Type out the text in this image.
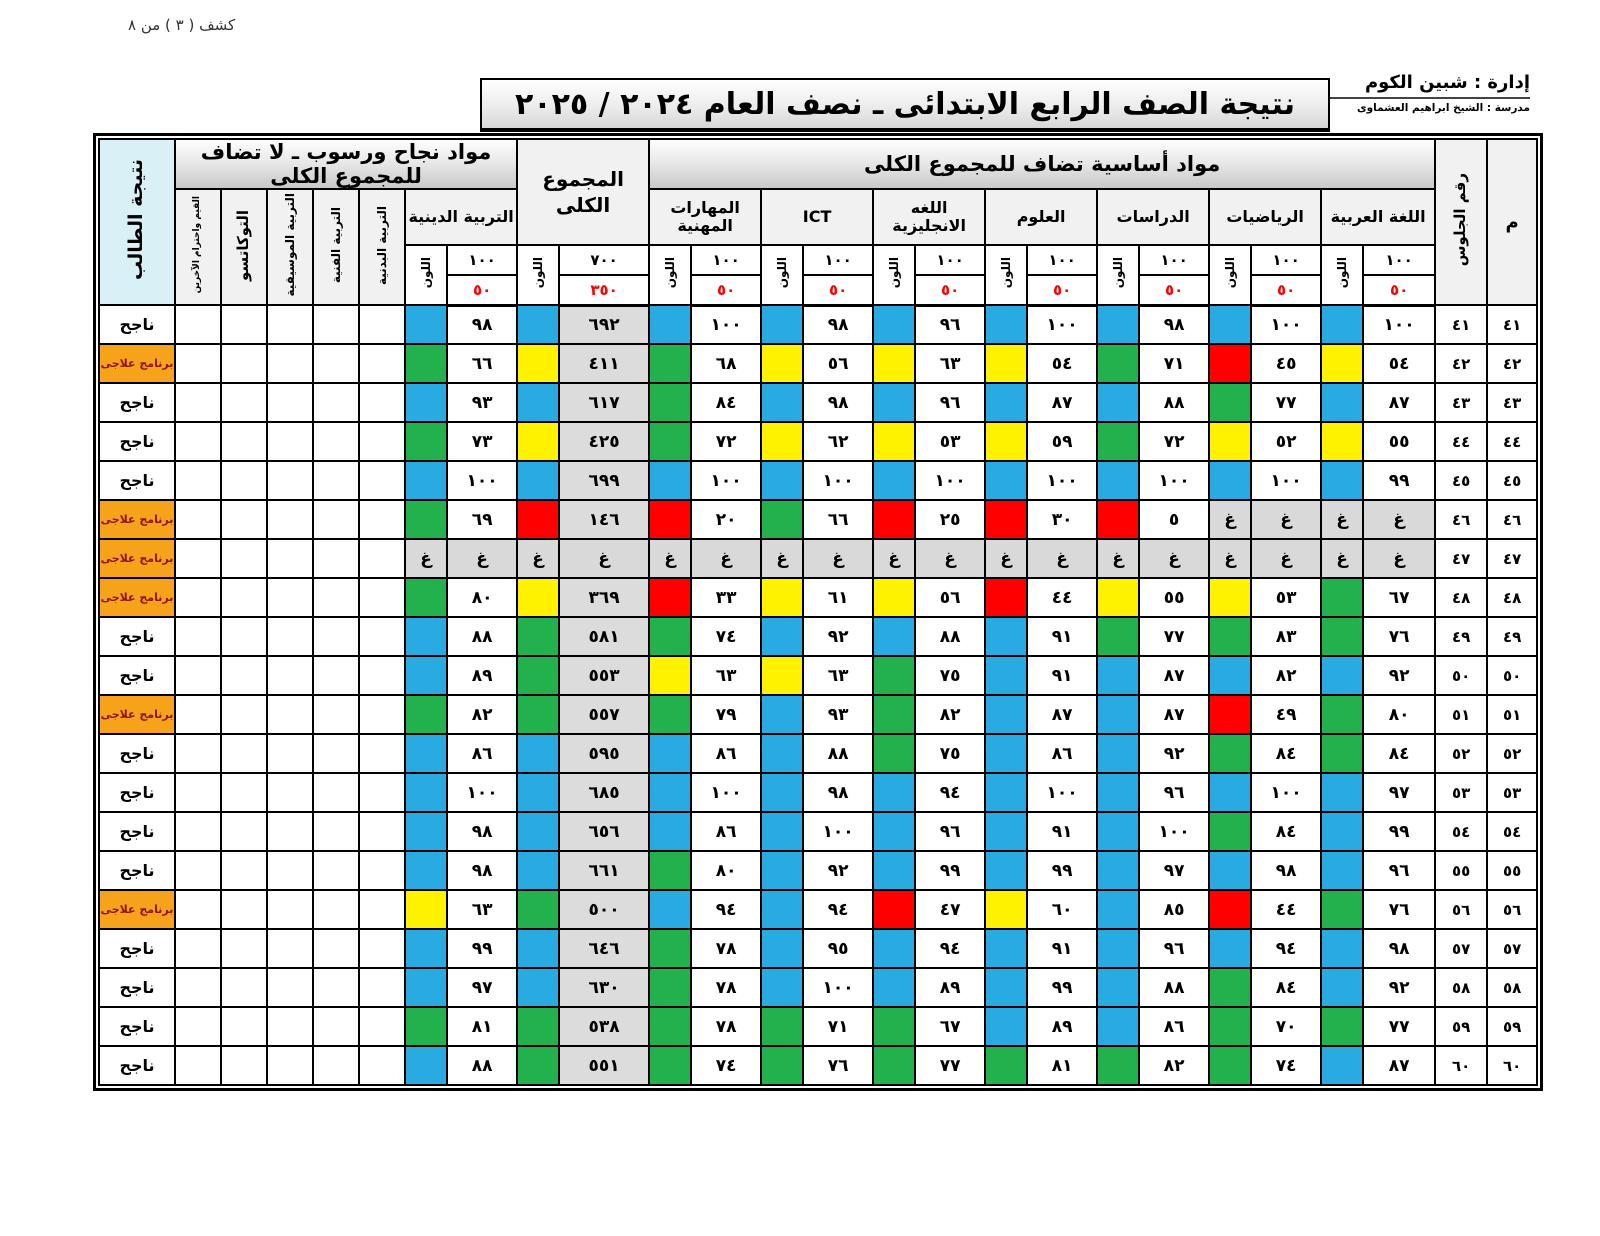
كشف ( ٣ ) من ٨
إدارة : شبين الكوم
مدرسة : الشيخ ابراهيم العشماوى
نتيجة الصف الرابع الابتدائى ـ نصف العام ٢٠٢٤ / ٢٠٢٥
م	رقم الجلوس	مواد أساسية تضاف للمجموع الكلى														المجموع الكلى		مواد نجاح ورسوب ـ لا تضاف للمجموع الكلى							نتيجة الطالب
		اللغة العربية		الرياضيات		الدراسات		العلوم		اللغه الانجليزية		ICT		المهارات المهنية				التربية الدينية		التربية البدنية	التربية الفنية	التربية الموسيقية	التوكاتسو	القيم واحترام الآخرين	
		١٠٠	اللون	١٠٠	اللون	١٠٠	اللون	١٠٠	اللون	١٠٠	اللون	١٠٠	اللون	١٠٠	اللون	٧٠٠	اللون	١٠٠	اللون						
		٥٠		٥٠		٥٠		٥٠		٥٠		٥٠		٥٠		٣٥٠		٥٠							
٤١	٤١	١٠٠		١٠٠		٩٨		١٠٠		٩٦		٩٨		١٠٠		٦٩٢		٩٨							ناجح
٤٢	٤٢	٥٤		٤٥		٧١		٥٤		٦٣		٥٦		٦٨		٤١١		٦٦							برنامج علاجى
٤٣	٤٣	٨٧		٧٧		٨٨		٨٧		٩٦		٩٨		٨٤		٦١٧		٩٣							ناجح
٤٤	٤٤	٥٥		٥٢		٧٢		٥٩		٥٣		٦٢		٧٢		٤٢٥		٧٣							ناجح
٤٥	٤٥	٩٩		١٠٠		١٠٠		١٠٠		١٠٠		١٠٠		١٠٠		٦٩٩		١٠٠							ناجح
٤٦	٤٦	غ	غ	غ	غ	٥		٣٠		٢٥		٦٦		٢٠		١٤٦		٦٩							برنامج علاجى
٤٧	٤٧	غ	غ	غ	غ	غ	غ	غ	غ	غ	غ	غ	غ	غ	غ	غ	غ	غ	غ						برنامج علاجى
٤٨	٤٨	٦٧		٥٣		٥٥		٤٤		٥٦		٦١		٣٣		٣٦٩		٨٠							برنامج علاجى
٤٩	٤٩	٧٦		٨٣		٧٧		٩١		٨٨		٩٢		٧٤		٥٨١		٨٨							ناجح
٥٠	٥٠	٩٢		٨٢		٨٧		٩١		٧٥		٦٣		٦٣		٥٥٣		٨٩							ناجح
٥١	٥١	٨٠		٤٩		٨٧		٨٧		٨٢		٩٣		٧٩		٥٥٧		٨٢							برنامج علاجى
٥٢	٥٢	٨٤		٨٤		٩٢		٨٦		٧٥		٨٨		٨٦		٥٩٥		٨٦							ناجح
٥٣	٥٣	٩٧		١٠٠		٩٦		١٠٠		٩٤		٩٨		١٠٠		٦٨٥		١٠٠							ناجح
٥٤	٥٤	٩٩		٨٤		١٠٠		٩١		٩٦		١٠٠		٨٦		٦٥٦		٩٨							ناجح
٥٥	٥٥	٩٦		٩٨		٩٧		٩٩		٩٩		٩٢		٨٠		٦٦١		٩٨							ناجح
٥٦	٥٦	٧٦		٤٤		٨٥		٦٠		٤٧		٩٤		٩٤		٥٠٠		٦٣							برنامج علاجى
٥٧	٥٧	٩٨		٩٤		٩٦		٩١		٩٤		٩٥		٧٨		٦٤٦		٩٩							ناجح
٥٨	٥٨	٩٢		٨٤		٨٨		٩٩		٨٩		١٠٠		٧٨		٦٣٠		٩٧							ناجح
٥٩	٥٩	٧٧		٧٠		٨٦		٨٩		٦٧		٧١		٧٨		٥٣٨		٨١							ناجح
٦٠	٦٠	٨٧		٧٤		٨٢		٨١		٧٧		٧٦		٧٤		٥٥١		٨٨							ناجح
